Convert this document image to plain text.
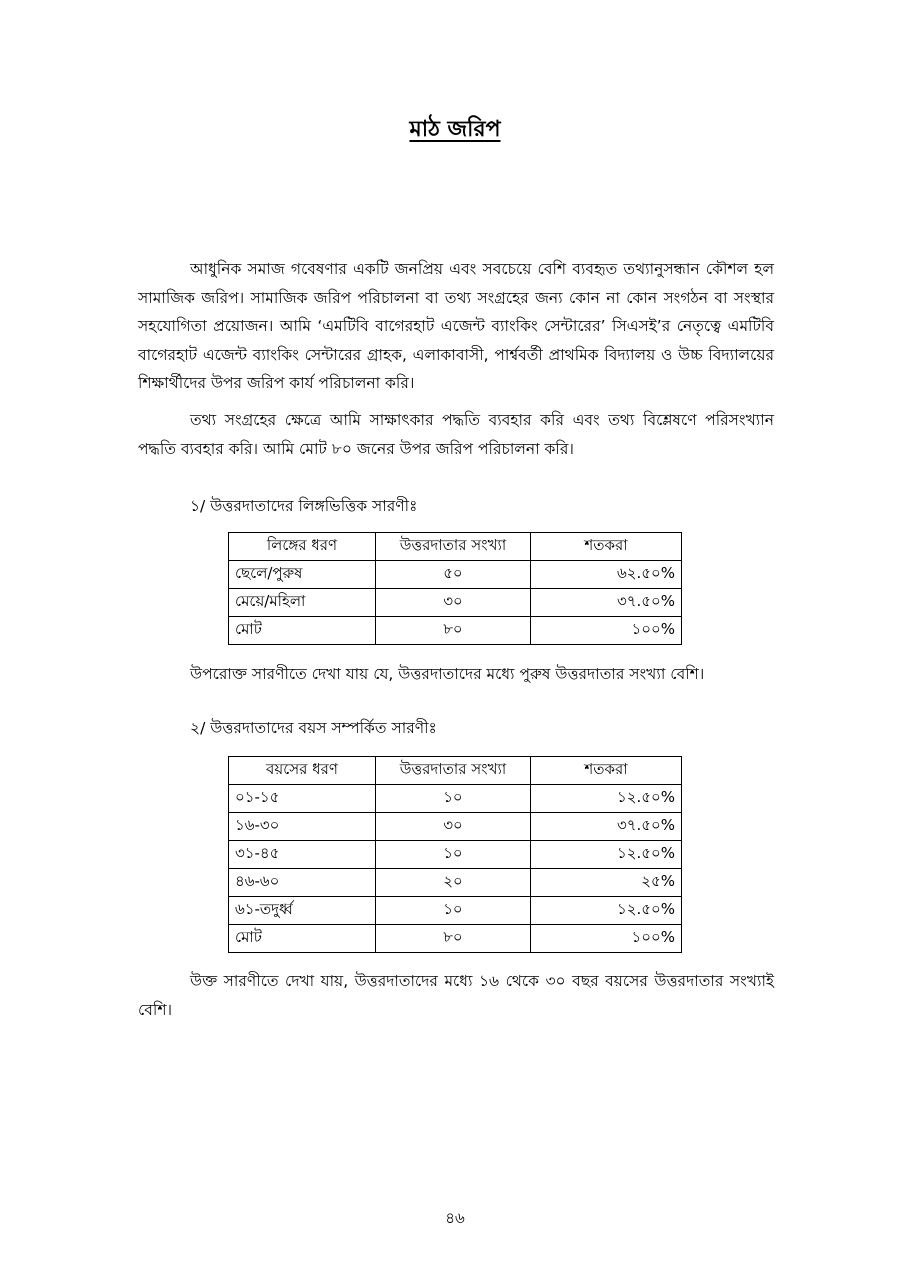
মাঠ জরিপ

আধুনিক সমাজ গবেষণার একটি জনপ্রিয় এবং সবচেয়ে বেশি ব্যবহৃত তথ্যানুসন্ধান কৌশল হল সামাজিক জরিপ। সামাজিক জরিপ পরিচালনা বা তথ্য সংগ্রহের জন্য কোন না কোন সংগঠন বা সংস্থার সহযোগিতা প্রয়োজন। আমি ‘এমটিবি বাগেরহাট এজেন্ট ব্যাংকিং সেন্টারের’ সিএসই’র নেতৃত্বে এমটিবি বাগেরহাট এজেন্ট ব্যাংকিং সেন্টারের গ্রাহক, এলাকাবাসী, পার্শ্ববর্তী প্রাথমিক বিদ্যালয় ও উচ্চ বিদ্যালয়ের শিক্ষার্থীদের উপর জরিপ কার্য পরিচালনা করি।

তথ্য সংগ্রহের ক্ষেত্রে আমি সাক্ষাৎকার পদ্ধতি ব্যবহার করি এবং তথ্য বিশ্লেষণে পরিসংখ্যান পদ্ধতি ব্যবহার করি। আমি মোট ৮০ জনের উপর জরিপ পরিচালনা করি।

১/ উত্তরদাতাদের লিঙ্গভিত্তিক সারণীঃ

লিঙ্গের ধরণ	উত্তরদাতার সংখ্যা	শতকরা
ছেলে/পুরুষ	৫০	৬২.৫০%
মেয়ে/মহিলা	৩০	৩৭.৫০%
মোট	৮০	১০০%

উপরোক্ত সারণীতে দেখা যায় যে, উত্তরদাতাদের মধ্যে পুরুষ উত্তরদাতার সংখ্যা বেশি।

২/ উত্তরদাতাদের বয়স সম্পর্কিত সারণীঃ

বয়সের ধরণ	উত্তরদাতার সংখ্যা	শতকরা
০১-১৫	১০	১২.৫০%
১৬-৩০	৩০	৩৭.৫০%
৩১-৪৫	১০	১২.৫০%
৪৬-৬০	২০	২৫%
৬১-তদুর্ধ্ব	১০	১২.৫০%
মোট	৮০	১০০%

উক্ত সারণীতে দেখা যায়, উত্তরদাতাদের মধ্যে ১৬ থেকে ৩০ বছর বয়সের উত্তরদাতার সংখ্যাই বেশি।

৪৬
